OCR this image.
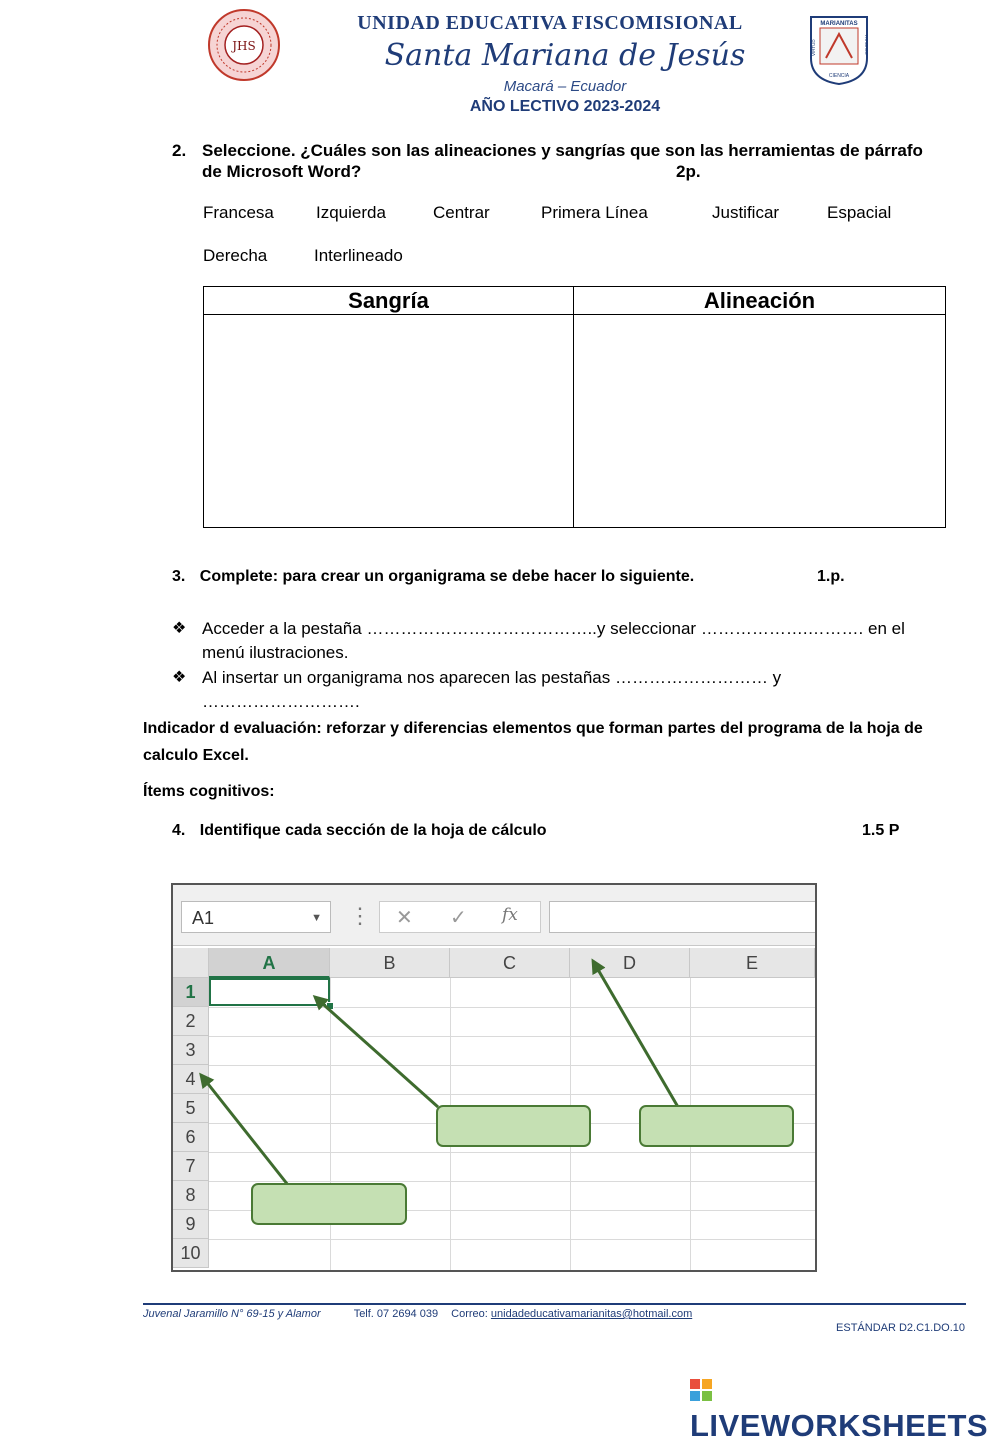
JHS
MARIANITAS
VIRTUD	TRABAJO
CIENCIA
UNIDAD EDUCATIVA FISCOMISIONAL
Santa Mariana de Jesús
Macará – Ecuador
AÑO LECTIVO 2023-2024
2. Seleccione. ¿Cuáles son las alineaciones y sangrías que son las herramientas de párrafo de Microsoft Word?	2p.
Francesa Izquierda	Centrar	Primera Línea	Justificar	Espacial
Derecha	Interlineado
Sangría	Alineación

3. Complete: para crear un organigrama se debe hacer lo siguiente.	1.p.
❖ Acceder a la pestaña …………………………………..y seleccionar ……………….………. en el menú ilustraciones.
❖ Al insertar un organigrama nos aparecen las pestañas ……………………… y ……………………….
Indicador d evaluación: reforzar y diferencias elementos que forman partes del programa de la hoja de calculo Excel.
Ítems cognitivos:
4. Identifique cada sección de la hoja de cálculo	1.5 P
A1	▼ ⋮ ✕ ✓ fx
A	B	C	D	E
1
2
3
4
5
6
7
8
9
10
Juvenal Jaramillo N° 69-15 y Alamor	Telf. 07 2694 039 Correo: unidadeducativamarianitas@hotmail.com
ESTÁNDAR D2.C1.DO.10
LIVEWORKSHEETS
